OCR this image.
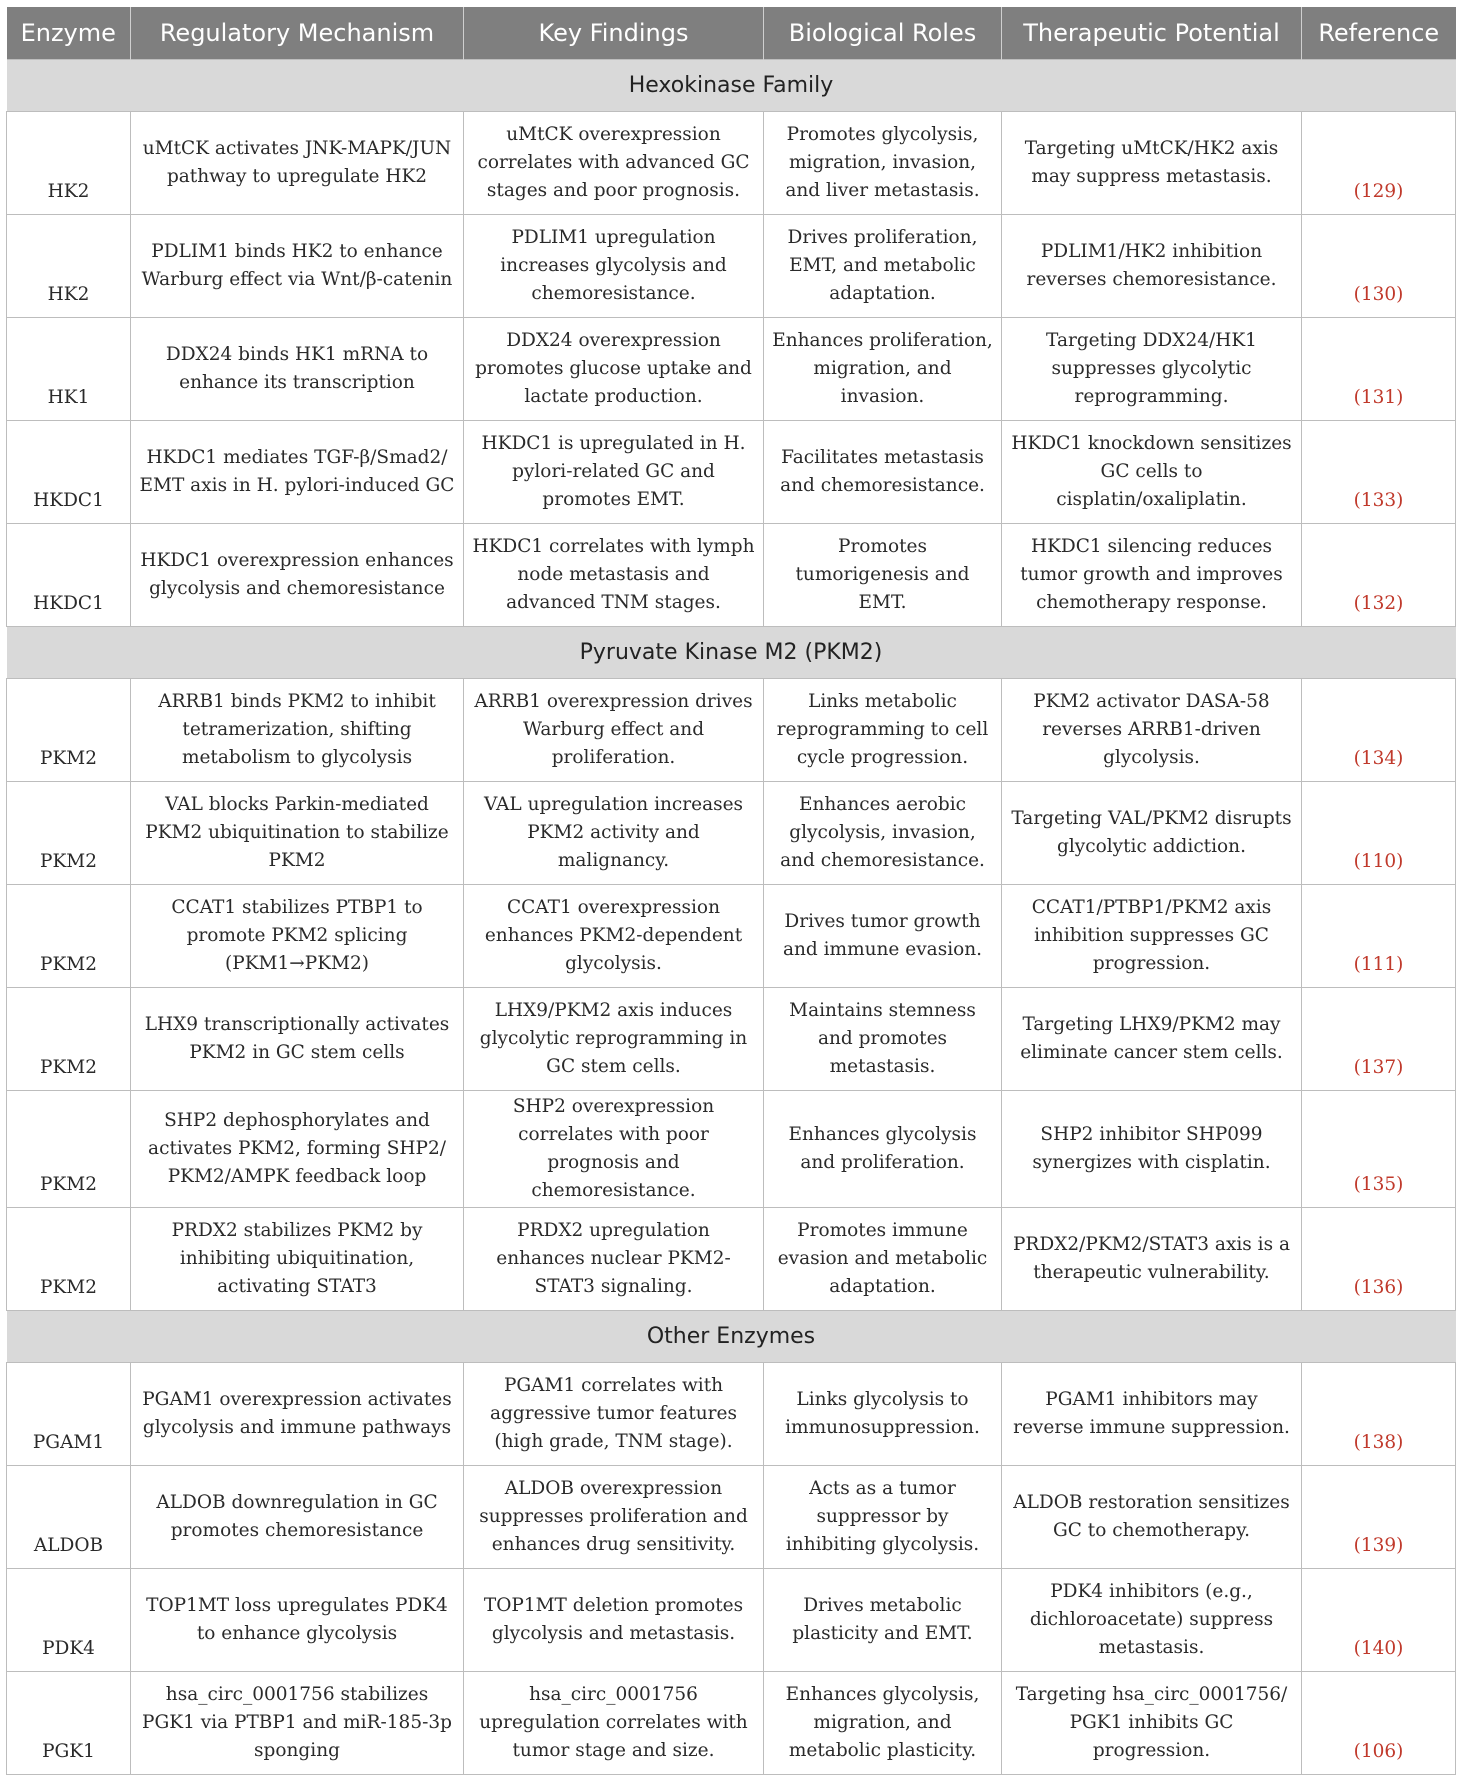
Enzyme	Regulatory Mechanism	Key Findings	Biological Roles	Therapeutic Potential	Reference
Hexokinase Family					
HK2	uMtCK activates JNK-MAPK/JUN pathway to upregulate HK2	uMtCK overexpression correlates with advanced GC stages and poor prognosis.	Promotes glycolysis, migration, invasion, and liver metastasis.	Targeting uMtCK/HK2 axis may suppress metastasis.	(129)
HK2	PDLIM1 binds HK2 to enhance Warburg effect via Wnt/β-catenin	PDLIM1 upregulation increases glycolysis and chemoresistance.	Drives proliferation, EMT, and metabolic adaptation.	PDLIM1/HK2 inhibition reverses chemoresistance.	(130)
HK1	DDX24 binds HK1 mRNA to enhance its transcription	DDX24 overexpression promotes glucose uptake and lactate production.	Enhances proliferation, migration, and invasion.	Targeting DDX24/HK1 suppresses glycolytic reprogramming.	(131)
HKDC1	HKDC1 mediates TGF-β/Smad2/ EMT axis in H. pylori-induced GC	HKDC1 is upregulated in H. pylori-related GC and promotes EMT.	Facilitates metastasis and chemoresistance.	HKDC1 knockdown sensitizes GC cells to cisplatin/oxaliplatin.	(133)
HKDC1	HKDC1 overexpression enhances glycolysis and chemoresistance	HKDC1 correlates with lymph node metastasis and advanced TNM stages.	Promotes tumorigenesis and EMT.	HKDC1 silencing reduces tumor growth and improves chemotherapy response.	(132)
Pyruvate Kinase M2 (PKM2)					
PKM2	ARRB1 binds PKM2 to inhibit tetramerization, shifting metabolism to glycolysis	ARRB1 overexpression drives Warburg effect and proliferation.	Links metabolic reprogramming to cell cycle progression.	PKM2 activator DASA-58 reverses ARRB1-driven glycolysis.	(134)
PKM2	VAL blocks Parkin-mediated PKM2 ubiquitination to stabilize PKM2	VAL upregulation increases PKM2 activity and malignancy.	Enhances aerobic glycolysis, invasion, and chemoresistance.	Targeting VAL/PKM2 disrupts glycolytic addiction.	(110)
PKM2	CCAT1 stabilizes PTBP1 to promote PKM2 splicing (PKM1→PKM2)	CCAT1 overexpression enhances PKM2-dependent glycolysis.	Drives tumor growth and immune evasion.	CCAT1/PTBP1/PKM2 axis inhibition suppresses GC progression.	(111)
PKM2	LHX9 transcriptionally activates PKM2 in GC stem cells	LHX9/PKM2 axis induces glycolytic reprogramming in GC stem cells.	Maintains stemness and promotes metastasis.	Targeting LHX9/PKM2 may eliminate cancer stem cells.	(137)
PKM2	SHP2 dephosphorylates and activates PKM2, forming SHP2/ PKM2/AMPK feedback loop	SHP2 overexpression correlates with poor prognosis and chemoresistance.	Enhances glycolysis and proliferation.	SHP2 inhibitor SHP099 synergizes with cisplatin.	(135)
PKM2	PRDX2 stabilizes PKM2 by inhibiting ubiquitination, activating STAT3	PRDX2 upregulation enhances nuclear PKM2-STAT3 signaling.	Promotes immune evasion and metabolic adaptation.	PRDX2/PKM2/STAT3 axis is a therapeutic vulnerability.	(136)
Other Enzymes					
PGAM1	PGAM1 overexpression activates glycolysis and immune pathways	PGAM1 correlates with aggressive tumor features (high grade, TNM stage).	Links glycolysis to immunosuppression.	PGAM1 inhibitors may reverse immune suppression.	(138)
ALDOB	ALDOB downregulation in GC promotes chemoresistance	ALDOB overexpression suppresses proliferation and enhances drug sensitivity.	Acts as a tumor suppressor by inhibiting glycolysis.	ALDOB restoration sensitizes GC to chemotherapy.	(139)
PDK4	TOP1MT loss upregulates PDK4 to enhance glycolysis	TOP1MT deletion promotes glycolysis and metastasis.	Drives metabolic plasticity and EMT.	PDK4 inhibitors (e.g., dichloroacetate) suppress metastasis.	(140)
PGK1	hsa_circ_0001756 stabilizes PGK1 via PTBP1 and miR-185-3p sponging	hsa_circ_0001756 upregulation correlates with tumor stage and size.	Enhances glycolysis, migration, and metabolic plasticity.	Targeting hsa_circ_0001756/ PGK1 inhibits GC progression.	(106)
